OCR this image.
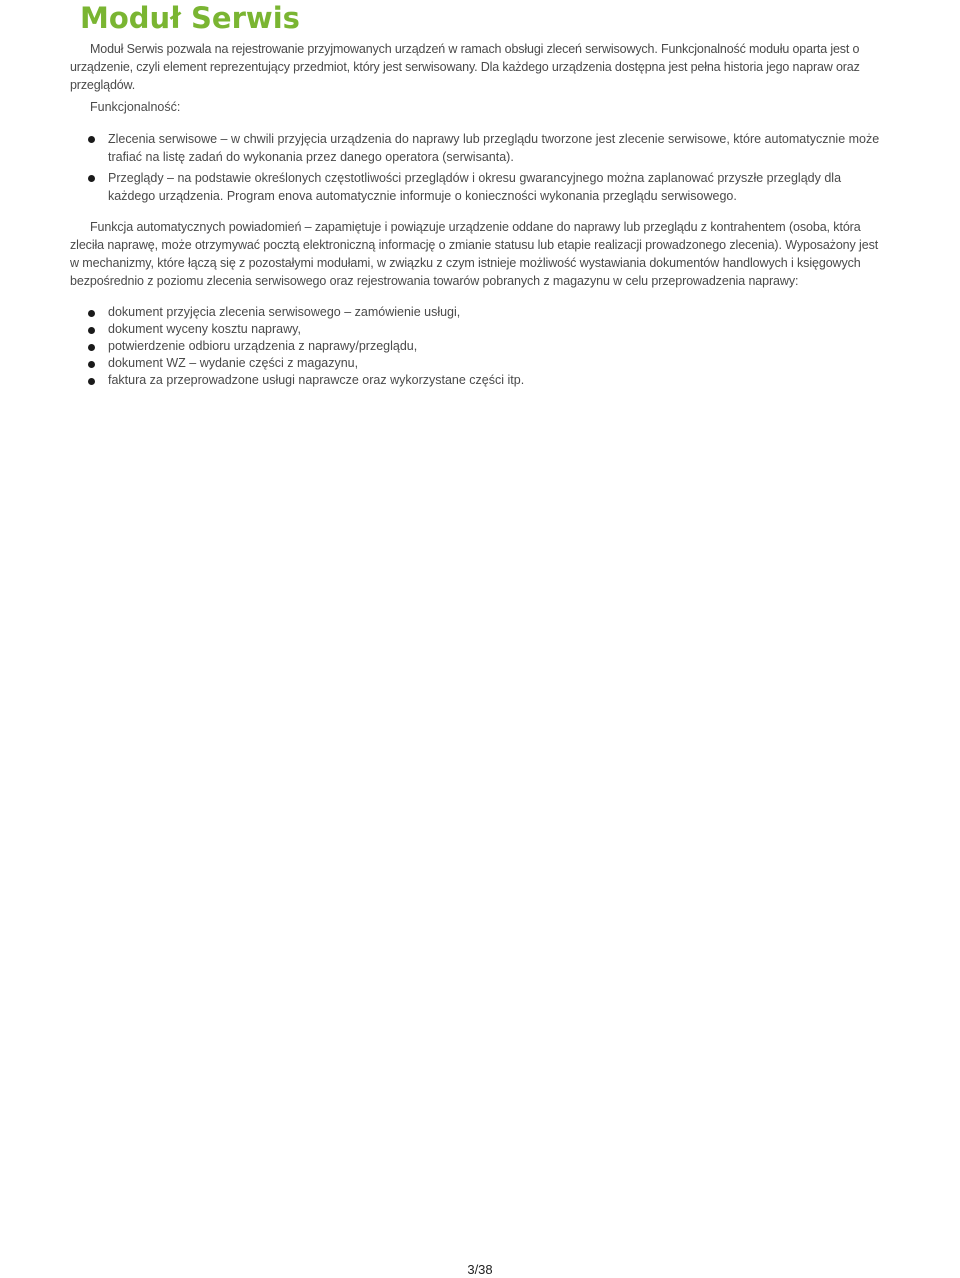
Moduł Serwis

Moduł Serwis pozwala na rejestrowanie przyjmowanych urządzeń w ramach obsługi zleceń serwisowych. Funkcjonalność modułu oparta jest o urządzenie, czyli element reprezentujący przedmiot, który jest serwisowany. Dla każdego urządzenia dostępna jest pełna historia jego napraw oraz przeglądów.

Funkcjonalność:

Zlecenia serwisowe – w chwili przyjęcia urządzenia do naprawy lub przeglądu tworzone jest zlecenie serwisowe, które automatycznie może trafiać na listę zadań do wykonania przez danego operatora (serwisanta).
Przeglądy – na podstawie określonych częstotliwości przeglądów i okresu gwarancyjnego można zaplanować przyszłe przeglądy dla każdego urządzenia. Program enova automatycznie informuje o konieczności wykonania przeglądu serwisowego.

Funkcja automatycznych powiadomień – zapamiętuje i powiązuje urządzenie oddane do naprawy lub przeglądu z kontrahentem (osoba, która zleciła naprawę, może otrzymywać pocztą elektroniczną informację o zmianie statusu lub etapie realizacji prowadzonego zlecenia). Wyposażony jest w mechanizmy, które łączą się z pozostałymi modułami, w związku z czym istnieje możliwość wystawiania dokumentów handlowych i księgowych bezpośrednio z poziomu zlecenia serwisowego oraz rejestrowania towarów pobranych z magazynu w celu przeprowadzenia naprawy:

dokument przyjęcia zlecenia serwisowego – zamówienie usługi,
dokument wyceny kosztu naprawy,
potwierdzenie odbioru urządzenia z naprawy/przeglądu,
dokument WZ – wydanie części z magazynu,
faktura za przeprowadzone usługi naprawcze oraz wykorzystane części itp.
3/38
